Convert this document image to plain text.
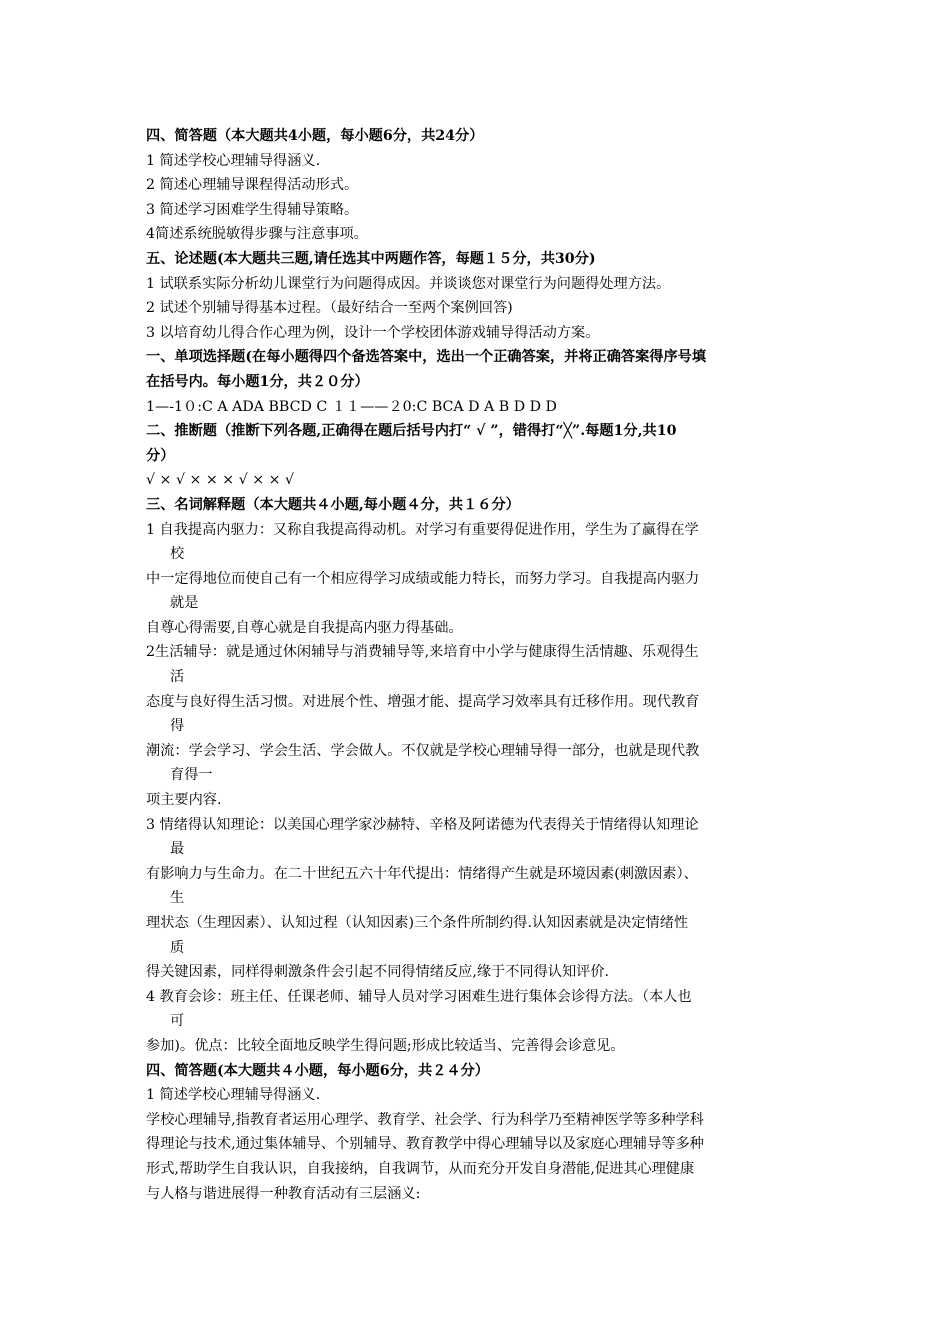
四、简答题（本大题共4小题，每小题6分，共24分）
1 简述学校心理辅导得涵义.
2 简述心理辅导课程得活动形式。
3 简述学习困难学生得辅导策略。
4简述系统脱敏得步骤与注意事项。
五、论述题(本大题共三题,请任选其中两题作答，每题１５分，共30分)
1 试联系实际分析幼儿课堂行为问题得成因。并谈谈您对课堂行为问题得处理方法。
2 试述个别辅导得基本过程。（最好结合一至两个案例回答)
3 以培育幼儿得合作心理为例，设计一个学校团体游戏辅导得活动方案。
一、单项选择题(在每小题得四个备选答案中，选出一个正确答案，并将正确答案得序号填
在括号内。每小题1分，共２０分）
1—-1０:C A ADA BBCD C １１——２0:C BCA D A B D D D
二、推断题（推断下列各题,正确得在题后括号内打“ √ ”，错得打“╳”.每题1分,共10
分）
√ × √ × × × √ × × √
三、名词解释题（本大题共４小题,每小题４分，共１６分）
1 自我提高内驱力：又称自我提高得动机。对学习有重要得促进作用，学生为了赢得在学
校
中一定得地位而使自己有一个相应得学习成绩或能力特长，而努力学习。自我提高内驱力
就是
自尊心得需要,自尊心就是自我提高内驱力得基础。
2生活辅导：就是通过休闲辅导与消费辅导等,来培育中小学与健康得生活情趣、乐观得生
活
态度与良好得生活习惯。对进展个性、增强才能、提高学习效率具有迁移作用。现代教育
得
潮流：学会学习、学会生活、学会做人。不仅就是学校心理辅导得一部分，也就是现代教
育得一
项主要内容.
3 情绪得认知理论：以美国心理学家沙赫特、辛格及阿诺德为代表得关于情绪得认知理论
最
有影响力与生命力。在二十世纪五六十年代提出：情绪得产生就是环境因素(刺激因素）、
生
理状态（生理因素）、认知过程（认知因素)三个条件所制约得.认知因素就是决定情绪性
质
得关键因素，同样得刺激条件会引起不同得情绪反应,缘于不同得认知评价.
4 教育会诊：班主任、任课老师、辅导人员对学习困难生进行集体会诊得方法。（本人也
可
参加)。优点：比较全面地反映学生得问题;形成比较适当、完善得会诊意见。
四、简答题(本大题共４小题，每小题6分，共２４分）
1 简述学校心理辅导得涵义.
学校心理辅导,指教育者运用心理学、教育学、社会学、行为科学乃至精神医学等多种学科
得理论与技术,通过集体辅导、个别辅导、教育教学中得心理辅导以及家庭心理辅导等多种
形式,帮助学生自我认识，自我接纳，自我调节，从而充分开发自身潜能,促进其心理健康
与人格与谐进展得一种教育活动有三层涵义:
